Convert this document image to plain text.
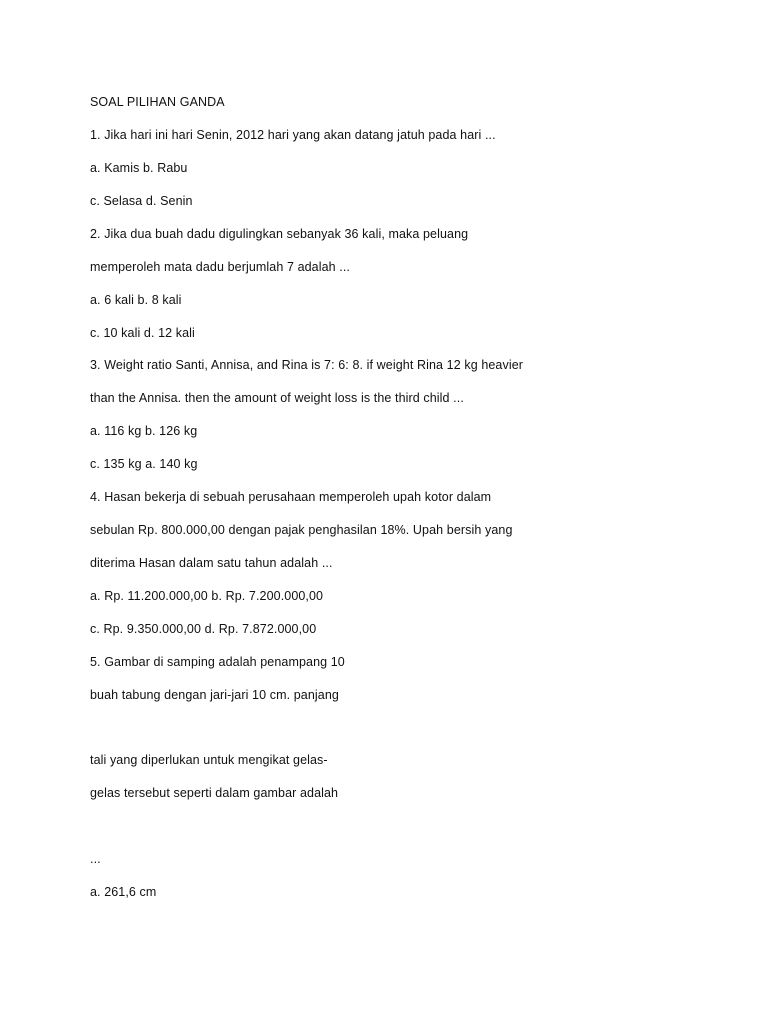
SOAL PILIHAN GANDA
1. Jika hari ini hari Senin, 2012 hari yang akan datang jatuh pada hari ...
a. Kamis b. Rabu
c. Selasa d. Senin
2. Jika dua buah dadu digulingkan sebanyak 36 kali, maka peluang
memperoleh mata dadu berjumlah 7 adalah ...
a. 6 kali b. 8 kali
c. 10 kali d. 12 kali
3. Weight ratio Santi, Annisa, and Rina is 7: 6: 8. if weight Rina 12 kg heavier
than the Annisa. then the amount of weight loss is the third child ...
a. 116 kg b. 126 kg
c. 135 kg a. 140 kg
4. Hasan bekerja di sebuah perusahaan memperoleh upah kotor dalam
sebulan Rp. 800.000,00 dengan pajak penghasilan 18%. Upah bersih yang
diterima Hasan dalam satu tahun adalah ...
a. Rp. 11.200.000,00 b. Rp. 7.200.000,00
c. Rp. 9.350.000,00 d. Rp. 7.872.000,00
5. Gambar di samping adalah penampang 10
buah tabung dengan jari-jari 10 cm. panjang
tali yang diperlukan untuk mengikat gelas-
gelas tersebut seperti dalam gambar adalah
...
a. 261,6 cm
